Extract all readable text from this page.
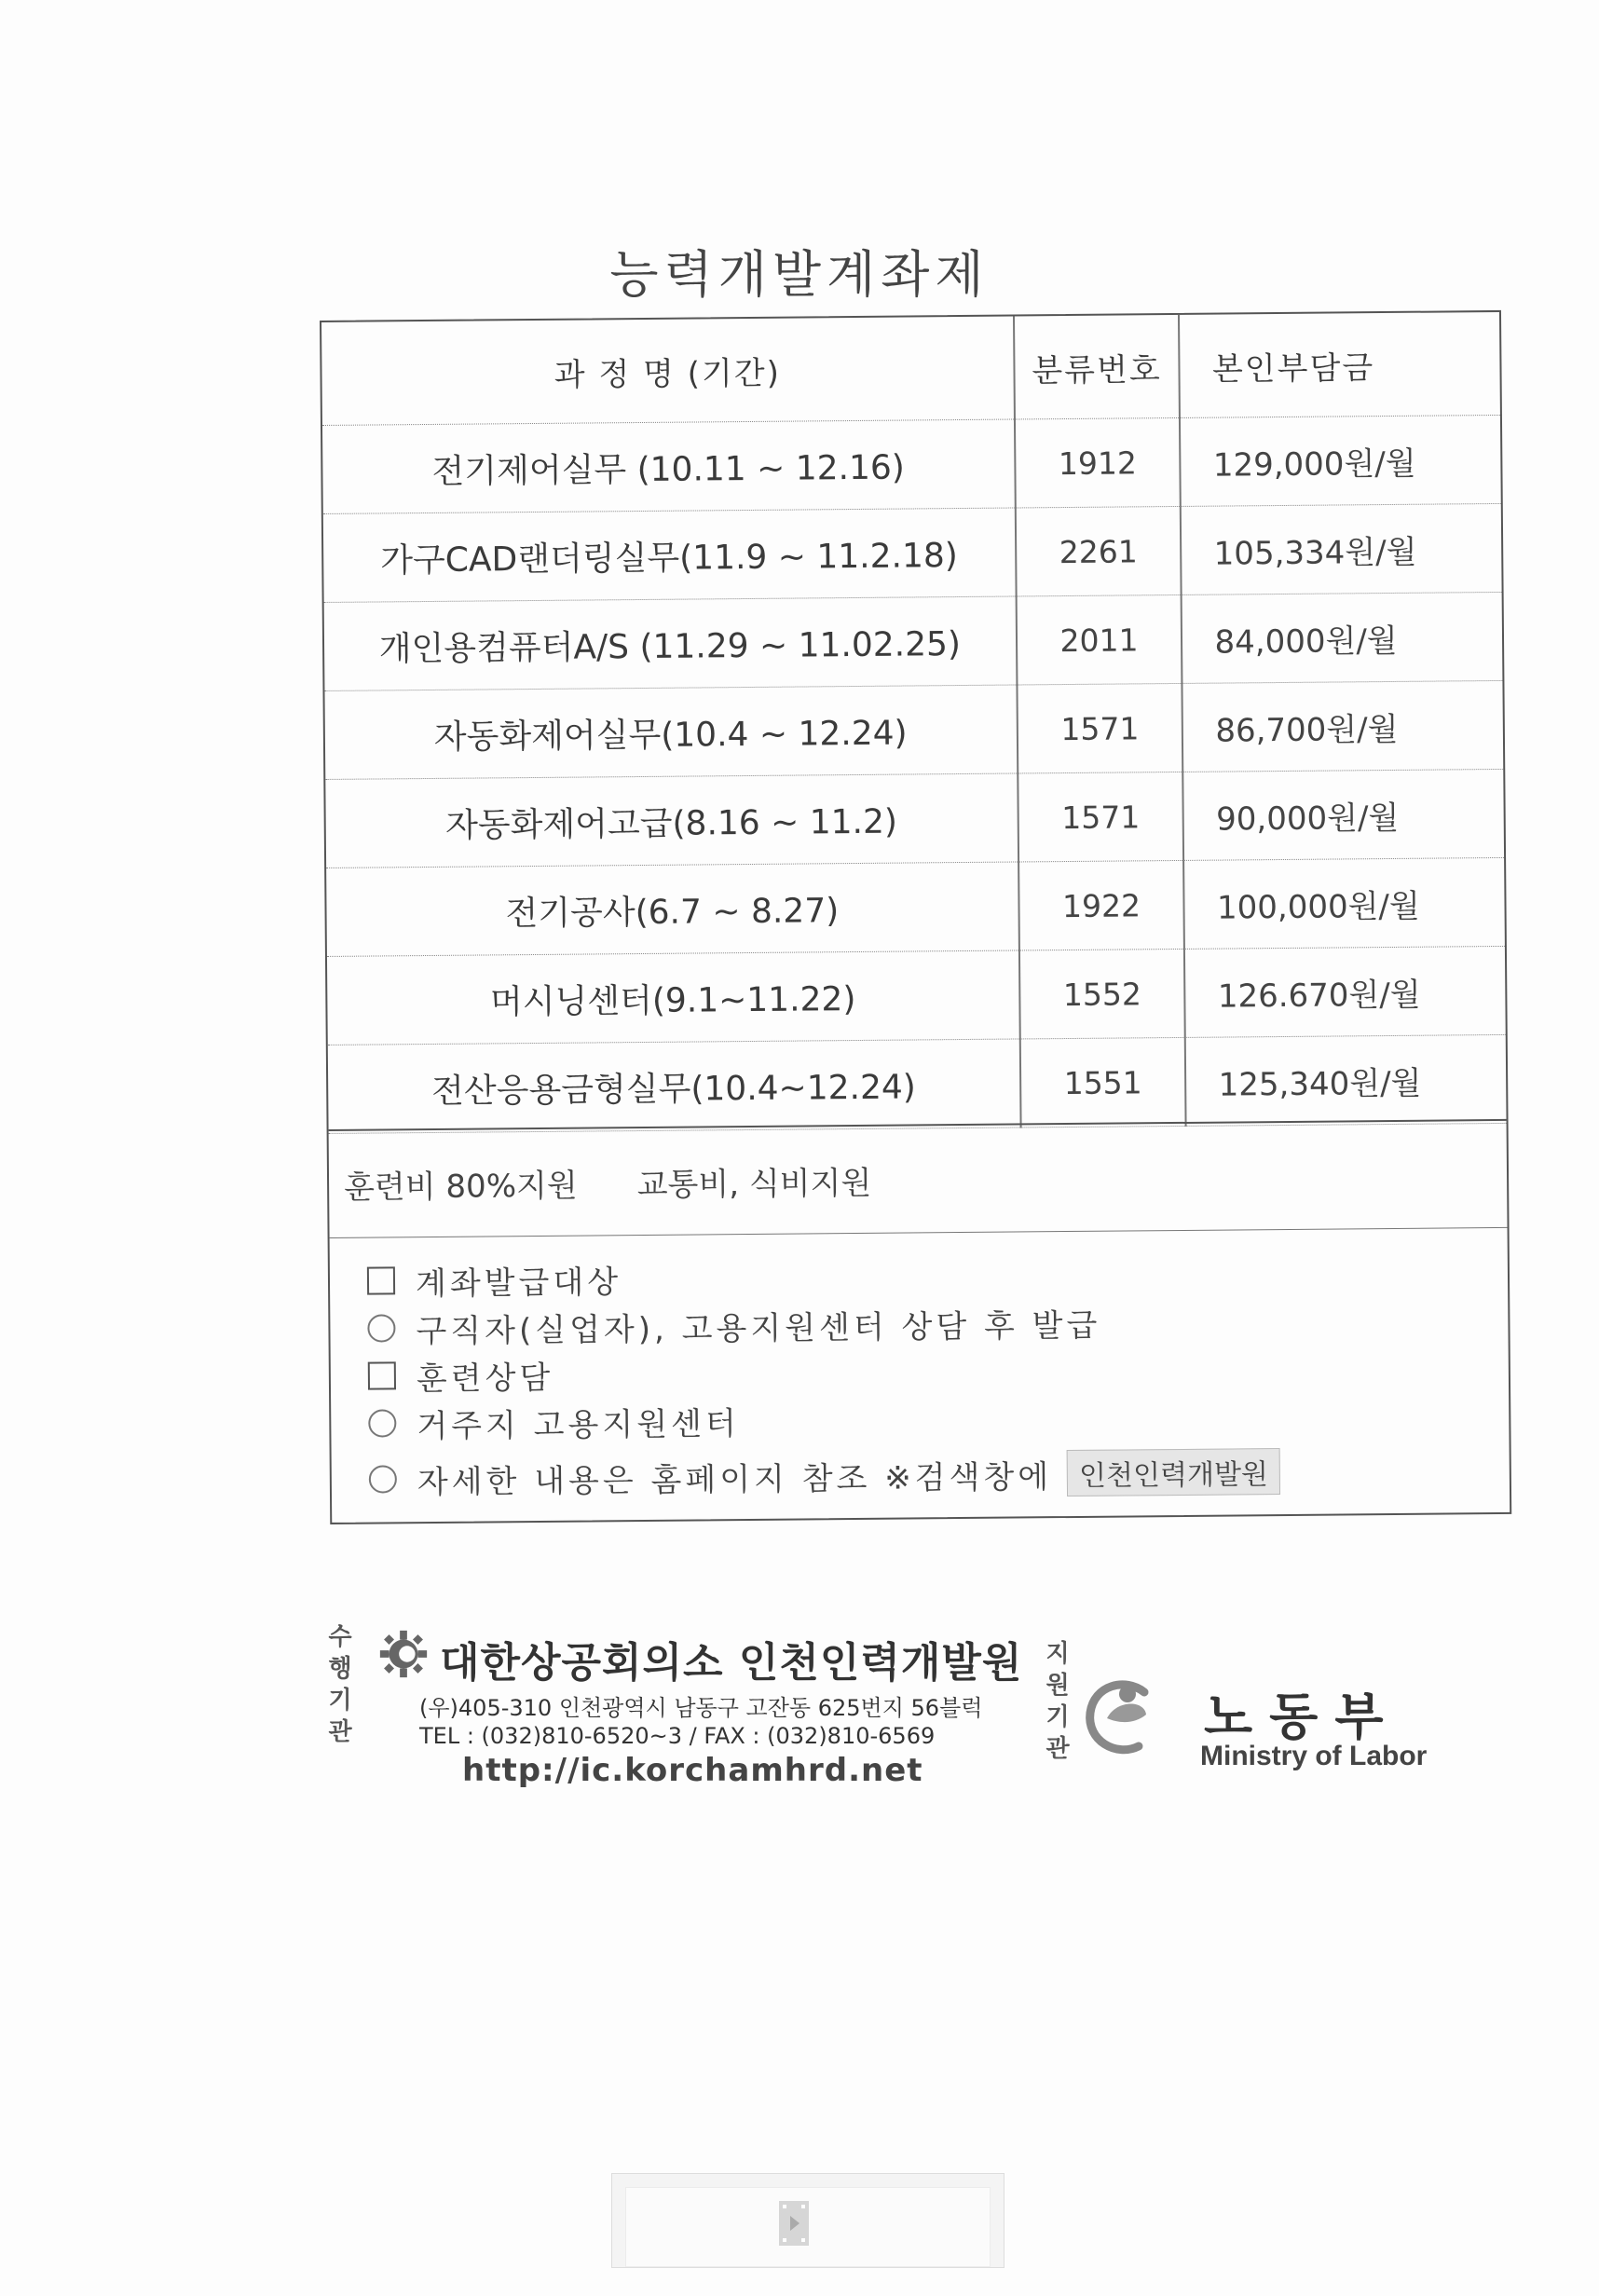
능력개발계좌제
과 정 명 (기간)	분류번호	본인부담금
전기제어실무 (10.11 ~ 12.16)	1912	129,000원/월
가구CAD랜더링실무(11.9 ~ 11.2.18)	2261	105,334원/월
개인용컴퓨터A/S (11.29 ~ 11.02.25)	2011	84,000원/월
자동화제어실무(10.4 ~ 12.24)	1571	86,700원/월
자동화제어고급(8.16 ~ 11.2)	1571	90,000원/월
전기공사(6.7 ~ 8.27)	1922	100,000원/월
머시닝센터(9.1~11.22)	1552	126.670원/월
전산응용금형실무(10.4~12.24)	1551	125,340원/월
훈련비 80%지원 교통비, 식비지원
계좌발급대상
구직자(실업자), 고용지원센터 상담 후 발급
훈련상담
거주지 고용지원센터
자세한 내용은 홈페이지 참조 ※검색창에 인천인력개발원
수
행
기
관
대한상공회의소 인천인력개발원
(우)405-310 인천광역시 남동구 고잔동 625번지 56블럭
TEL : (032)810-6520~3 / FAX : (032)810-6569
http://ic.korchamhrd.net
지
원
기
관
노동부
Ministry of Labor
